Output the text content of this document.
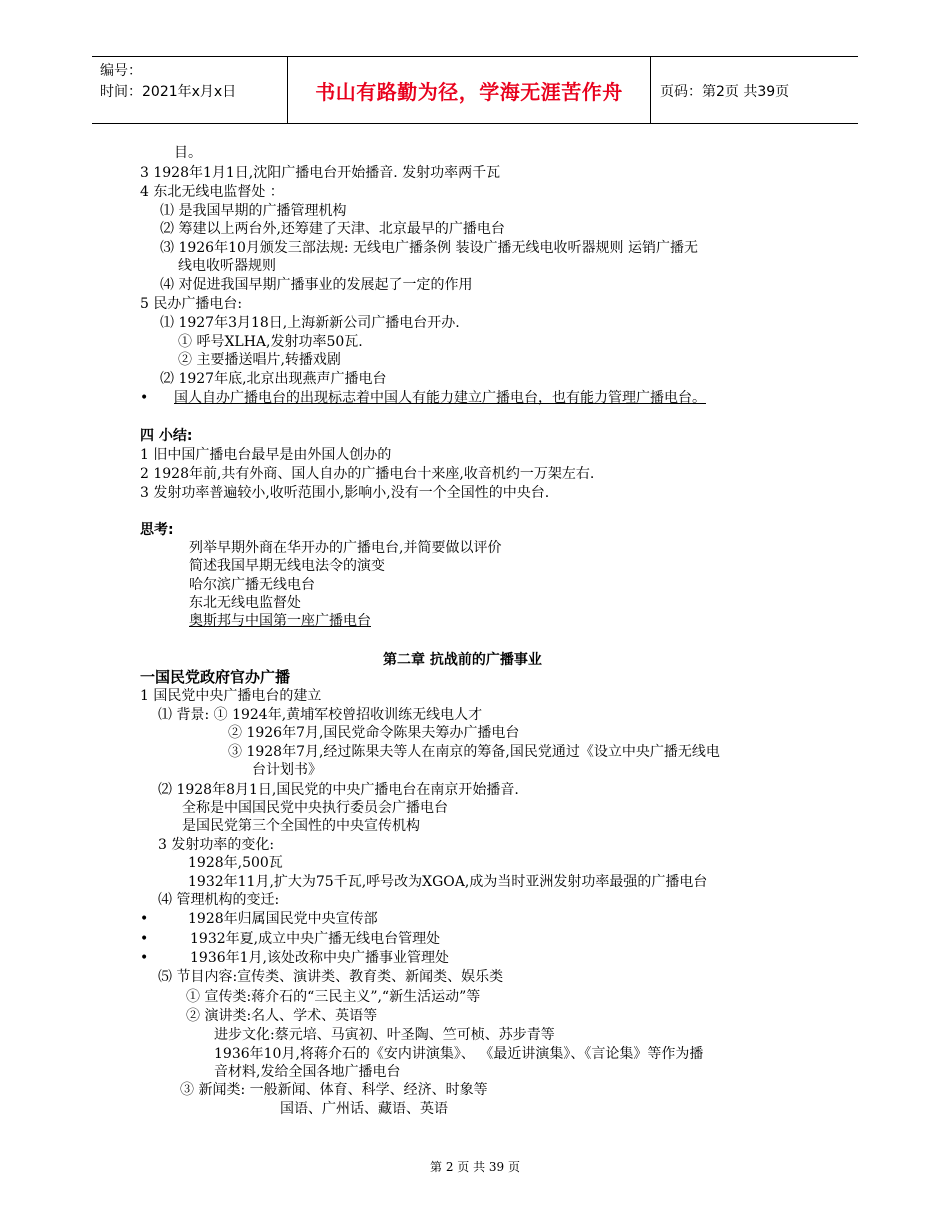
编号：
时间：2021年x月x日	书山有路勤为径，学海无涯苦作舟	页码：第2页 共39页
目。
3 1928年1月1日,沈阳广播电台开始播音. 发射功率两千瓦
4 东北无线电监督处 ：
⑴ 是我国早期的广播管理机构
⑵ 筹建以上两台外,还筹建了天津、北京最早的广播电台
⑶ 1926年10月颁发三部法规: 无线电广播条例 装设广播无线电收听器规则 运销广播无
线电收听器规则
⑷ 对促进我国早期广播事业的发展起了一定的作用
5 民办广播电台:
⑴ 1927年3月18日,上海新新公司广播电台开办.
① 呼号XLHA,发射功率50瓦.
② 主要播送唱片,转播戏剧
⑵ 1927年底,北京出现燕声广播电台
• 国人自办广播电台的出现标志着中国人有能力建立广播电台，也有能力管理广播电台。
四 小结:
1 旧中国广播电台最早是由外国人创办的
2 1928年前,共有外商、国人自办的广播电台十来座,收音机约一万架左右.
3 发射功率普遍较小,收听范围小,影响小,没有一个全国性的中央台.
思考:
列举早期外商在华开办的广播电台,并简要做以评价
简述我国早期无线电法令的演变
哈尔滨广播无线电台
东北无线电监督处
奥斯邦与中国第一座广播电台
第二章 抗战前的广播事业
一国民党政府官办广播
1 国民党中央广播电台的建立
⑴ 背景: ① 1924年,黄埔军校曾招收训练无线电人才
② 1926年7月,国民党命令陈果夫筹办广播电台
③ 1928年7月,经过陈果夫等人在南京的筹备,国民党通过《设立中央广播无线电
台计划书》
⑵ 1928年8月1日,国民党的中央广播电台在南京开始播音.
全称是中国国民党中央执行委员会广播电台
是国民党第三个全国性的中央宣传机构
3 发射功率的变化:
1928年,500瓦
1932年11月,扩大为75千瓦,呼号改为XGOA,成为当时亚洲发射功率最强的广播电台
⑷ 管理机构的变迁:
•	1928年归属国民党中央宣传部
•	1932年夏,成立中央广播无线电台管理处
•	1936年1月,该处改称中央广播事业管理处
⑸ 节目内容:宣传类、演讲类、教育类、新闻类、娱乐类
① 宣传类:蒋介石的“三民主义”,“新生活运动”等
② 演讲类:名人、学术、英语等
进步文化:蔡元培、马寅初、叶圣陶、竺可桢、苏步青等
1936年10月,将蒋介石的《安内讲演集》、 《最近讲演集》、《言论集》等作为播
音材料,发给全国各地广播电台
③ 新闻类: 一般新闻、体育、科学、经济、时象等
国语、广州话、藏语、英语
第 2 页 共 39 页
